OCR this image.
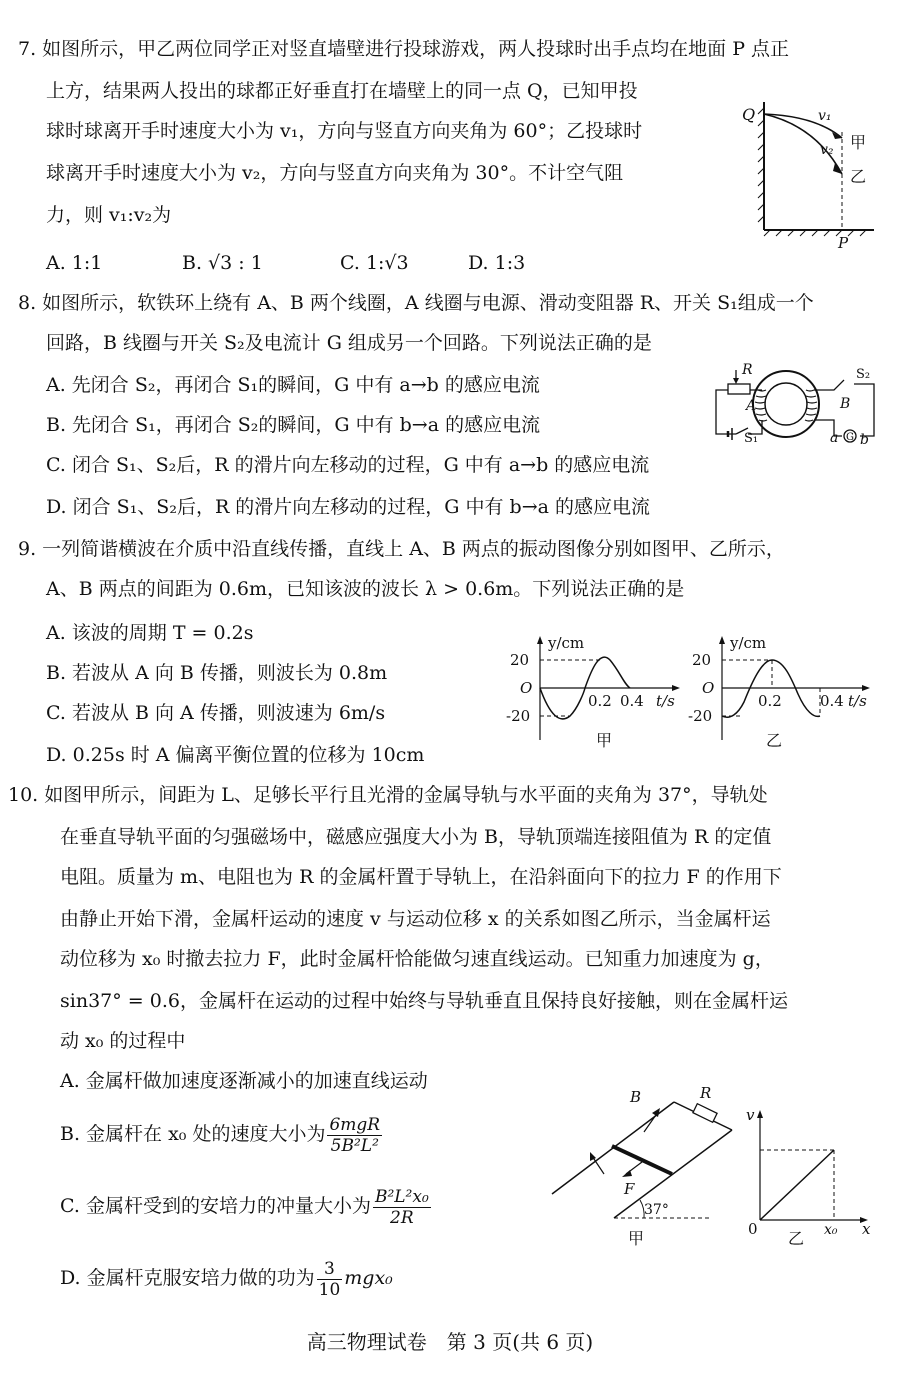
7. 如图所示，甲乙两位同学正对竖直墙壁进行投球游戏，两人投球时出手点均在地面 P 点正
上方，结果两人投出的球都正好垂直打在墙壁上的同一点 Q，已知甲投
球时球离开手时速度大小为 v₁，方向与竖直方向夹角为 60°；乙投球时
球离开手时速度大小为 v₂，方向与竖直方向夹角为 30°。不计空气阻
力，则 v₁:v₂为
A. 1:1	B. √3 : 1	C. 1:√3	D. 1:3
Q	v₁
v₂ 甲
乙
P
8. 如图所示，软铁环上绕有 A、B 两个线圈，A 线圈与电源、滑动变阻器 R、开关 S₁组成一个
回路，B 线圈与开关 S₂及电流计 G 组成另一个回路。下列说法正确的是
A. 先闭合 S₂，再闭合 S₁的瞬间，G 中有 a→b 的感应电流
B. 先闭合 S₁，再闭合 S₂的瞬间，G 中有 b→a 的感应电流
C. 闭合 S₁、S₂后，R 的滑片向左移动的过程，G 中有 a→b 的感应电流
D. 闭合 S₁、S₂后，R 的滑片向左移动的过程，G 中有 b→a 的感应电流
R	S₂
S₁
A	B
a b
G
9. 一列简谐横波在介质中沿直线传播，直线上 A、B 两点的振动图像分别如图甲、乙所示，
A、B 两点的间距为 0.6m，已知该波的波长 λ > 0.6m。下列说法正确的是
A. 该波的周期 T = 0.2s
B. 若波从 A 向 B 传播，则波长为 0.8m
C. 若波从 B 向 A 传播，则波速为 6m/s
D. 0.25s 时 A 偏离平衡位置的位移为 10cm
y/cm
20
O
-20
0.2 0.4 t/s
甲
y/cm
20
O
-20
0.2	0.4 t/s
乙
10. 如图甲所示，间距为 L、足够长平行且光滑的金属导轨与水平面的夹角为 37°，导轨处
在垂直导轨平面的匀强磁场中，磁感应强度大小为 B，导轨顶端连接阻值为 R 的定值
电阻。质量为 m、电阻也为 R 的金属杆置于导轨上，在沿斜面向下的拉力 F 的作用下
由静止开始下滑，金属杆运动的速度 v 与运动位移 x 的关系如图乙所示，当金属杆运
动位移为 x₀ 时撤去拉力 F，此时金属杆恰能做匀速直线运动。已知重力加速度为 g，
sin37° = 0.6，金属杆在运动的过程中始终与导轨垂直且保持良好接触，则在金属杆运
动 x₀ 的过程中
A. 金属杆做加速度逐渐减小的加速直线运动
B. 金属杆在 x₀ 处的速度大小为 $\frac{\text{6mgR}}{\text{5B²L²}}$
C. 金属杆受到的安培力的冲量大小为 $\frac{\text{B²L²x₀}}{2R}$
D. 金属杆克服安培力做的功为 $\frac{3}{10} mgx_0$
B	R
F
37°
甲
v
0	x₀ x
乙
高三物理试卷　第 3 页(共 6 页)
